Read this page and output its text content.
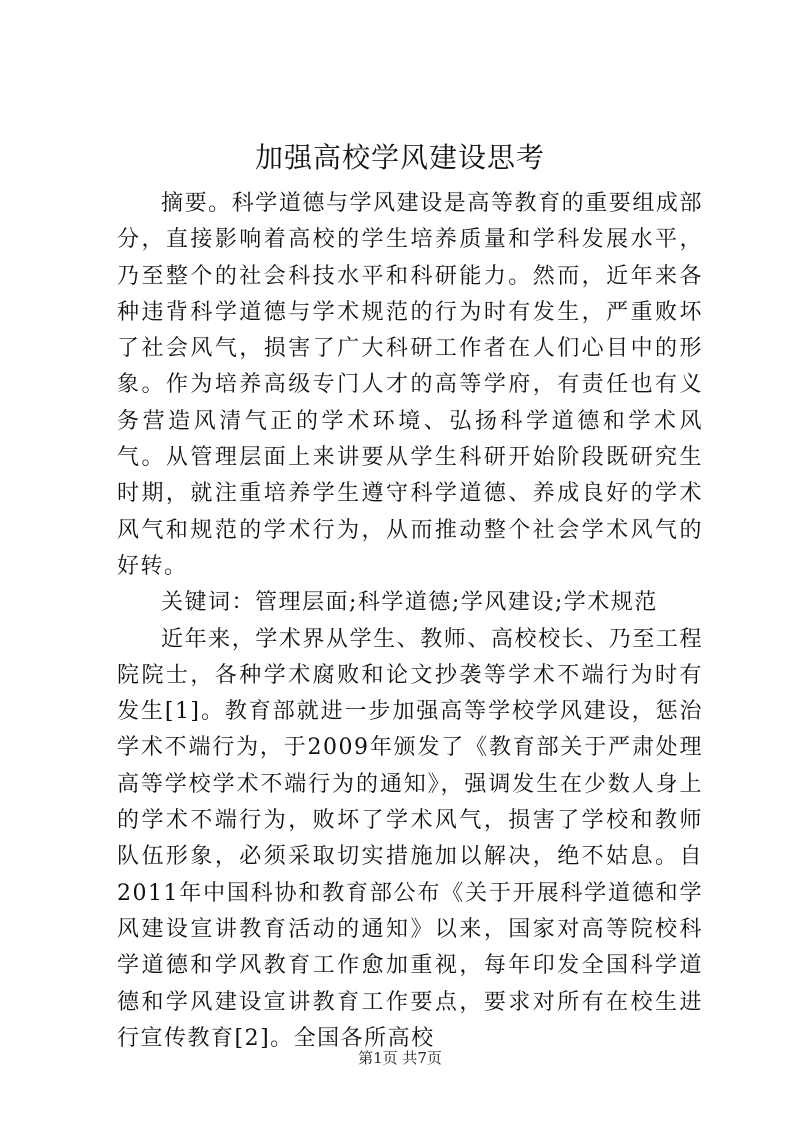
加强高校学风建设思考

摘要。科学道德与学风建设是高等教育的重要组成部分，直接影响着高校的学生培养质量和学科发展水平，乃至整个的社会科技水平和科研能力。然而，近年来各种违背科学道德与学术规范的行为时有发生，严重败坏了社会风气，损害了广大科研工作者在人们心目中的形象。作为培养高级专门人才的高等学府，有责任也有义务营造风清气正的学术环境、弘扬科学道德和学术风气。从管理层面上来讲要从学生科研开始阶段既研究生时期，就注重培养学生遵守科学道德、养成良好的学术风气和规范的学术行为，从而推动整个社会学术风气的好转。

关键词：管理层面;科学道德;学风建设;学术规范

近年来，学术界从学生、教师、高校校长、乃至工程院院士，各种学术腐败和论文抄袭等学术不端行为时有发生[1]。教育部就进一步加强高等学校学风建设，惩治学术不端行为，于2009年颁发了《教育部关于严肃处理高等学校学术不端行为的通知》，强调发生在少数人身上的学术不端行为，败坏了学术风气，损害了学校和教师队伍形象，必须采取切实措施加以解决，绝不姑息。自2011年中国科协和教育部公布《关于开展科学道德和学风建设宣讲教育活动的通知》以来，国家对高等院校科学道德和学风教育工作愈加重视，每年印发全国科学道德和学风建设宣讲教育工作要点，要求对所有在校生进行宣传教育[2]。全国各所高校

第1页 共7页
